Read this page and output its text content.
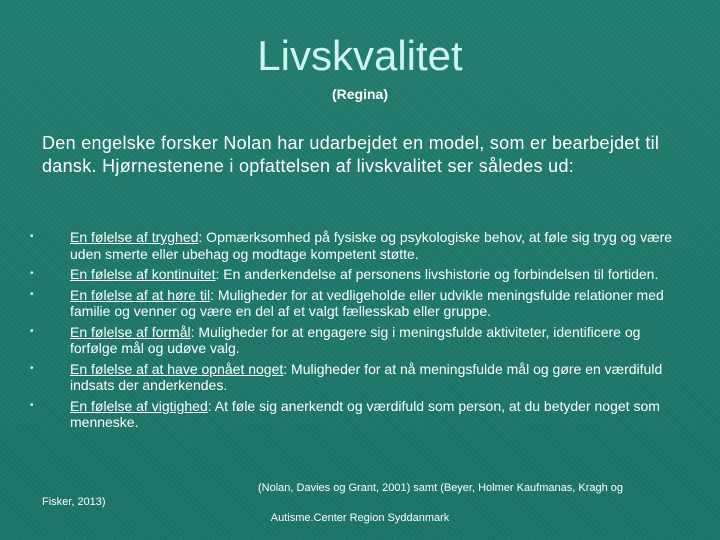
Livskvalitet
(Regina)
Den engelske forsker Nolan har udarbejdet en model, som er bearbejdet til dansk. Hjørnestenene i opfattelsen af livskvalitet ser således ud:
•	En følelse af tryghed: Opmærksomhed på fysiske og psykologiske behov, at føle sig tryg og være uden smerte eller ubehag og modtage kompetent støtte.
•	En følelse af kontinuitet: En anderkendelse af personens livshistorie og forbindelsen til fortiden.
•	En følelse af at høre til: Muligheder for at vedligeholde eller udvikle meningsfulde relationer med familie og venner og være en del af et valgt fællesskab eller gruppe.
•	En følelse af formål: Muligheder for at engagere sig i meningsfulde aktiviteter, identificere og forfølge mål og udøve valg.
•	En følelse af at have opnået noget: Muligheder for at nå meningsfulde mål og gøre en værdifuld indsats der anderkendes.
•	En følelse af vigtighed: At føle sig anerkendt og værdifuld som person, at du betyder noget som menneske.
(Nolan, Davies og Grant, 2001) samt (Beyer, Holmer Kaufmanas, Kragh og
Fisker, 2013)
Autisme.Center Region Syddanmark
